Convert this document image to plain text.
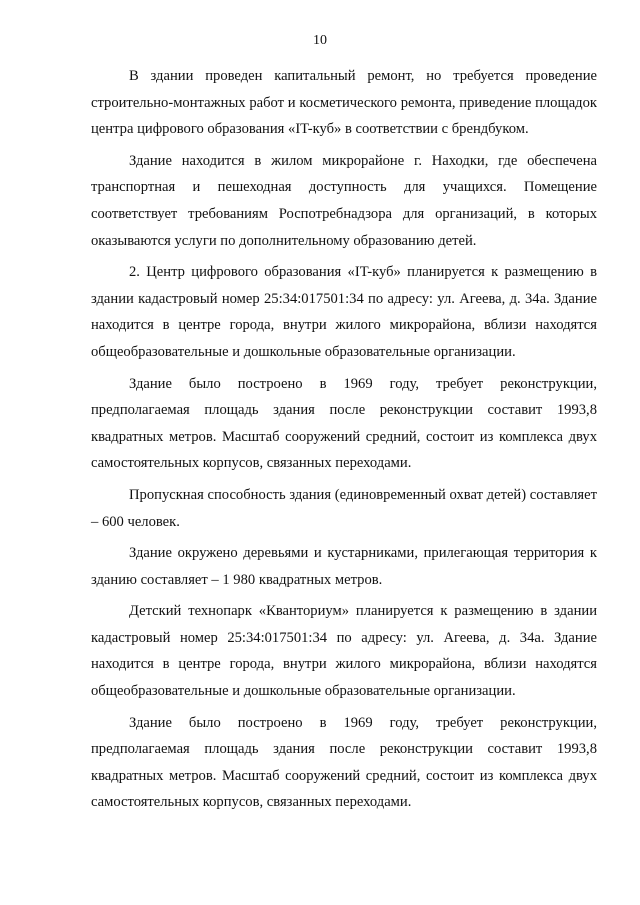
10

В здании проведен капитальный ремонт, но требуется проведение строительно-монтажных работ и косметического ремонта, приведение площадок центра цифрового образования «IT-куб» в соответствии с брендбуком.

Здание находится в жилом микрорайоне г. Находки, где обеспечена транспортная и пешеходная доступность для учащихся. Помещение соответствует требованиям Роспотребнадзора для организаций, в которых оказываются услуги по дополнительному образованию детей.

2. Центр цифрового образования «IT-куб» планируется к размещению в здании кадастровый номер 25:34:017501:34 по адресу: ул. Агеева, д. 34а. Здание находится в центре города, внутри жилого микрорайона, вблизи находятся общеобразовательные и дошкольные образовательные организации.

Здание было построено в 1969 году, требует реконструкции, предполагаемая площадь здания после реконструкции составит 1993,8 квадратных метров. Масштаб сооружений средний, состоит из комплекса двух самостоятельных корпусов, связанных переходами.

Пропускная способность здания (единовременный охват детей) составляет – 600 человек.

Здание окружено деревьями и кустарниками, прилегающая территория к зданию составляет – 1 980 квадратных метров.

Детский технопарк «Кванториум» планируется к размещению в здании кадастровый номер 25:34:017501:34 по адресу: ул. Агеева, д. 34а. Здание находится в центре города, внутри жилого микрорайона, вблизи находятся общеобразовательные и дошкольные образовательные организации.

Здание было построено в 1969 году, требует реконструкции, предполагаемая площадь здания после реконструкции составит 1993,8 квадратных метров. Масштаб сооружений средний, состоит из комплекса двух самостоятельных корпусов, связанных переходами.
